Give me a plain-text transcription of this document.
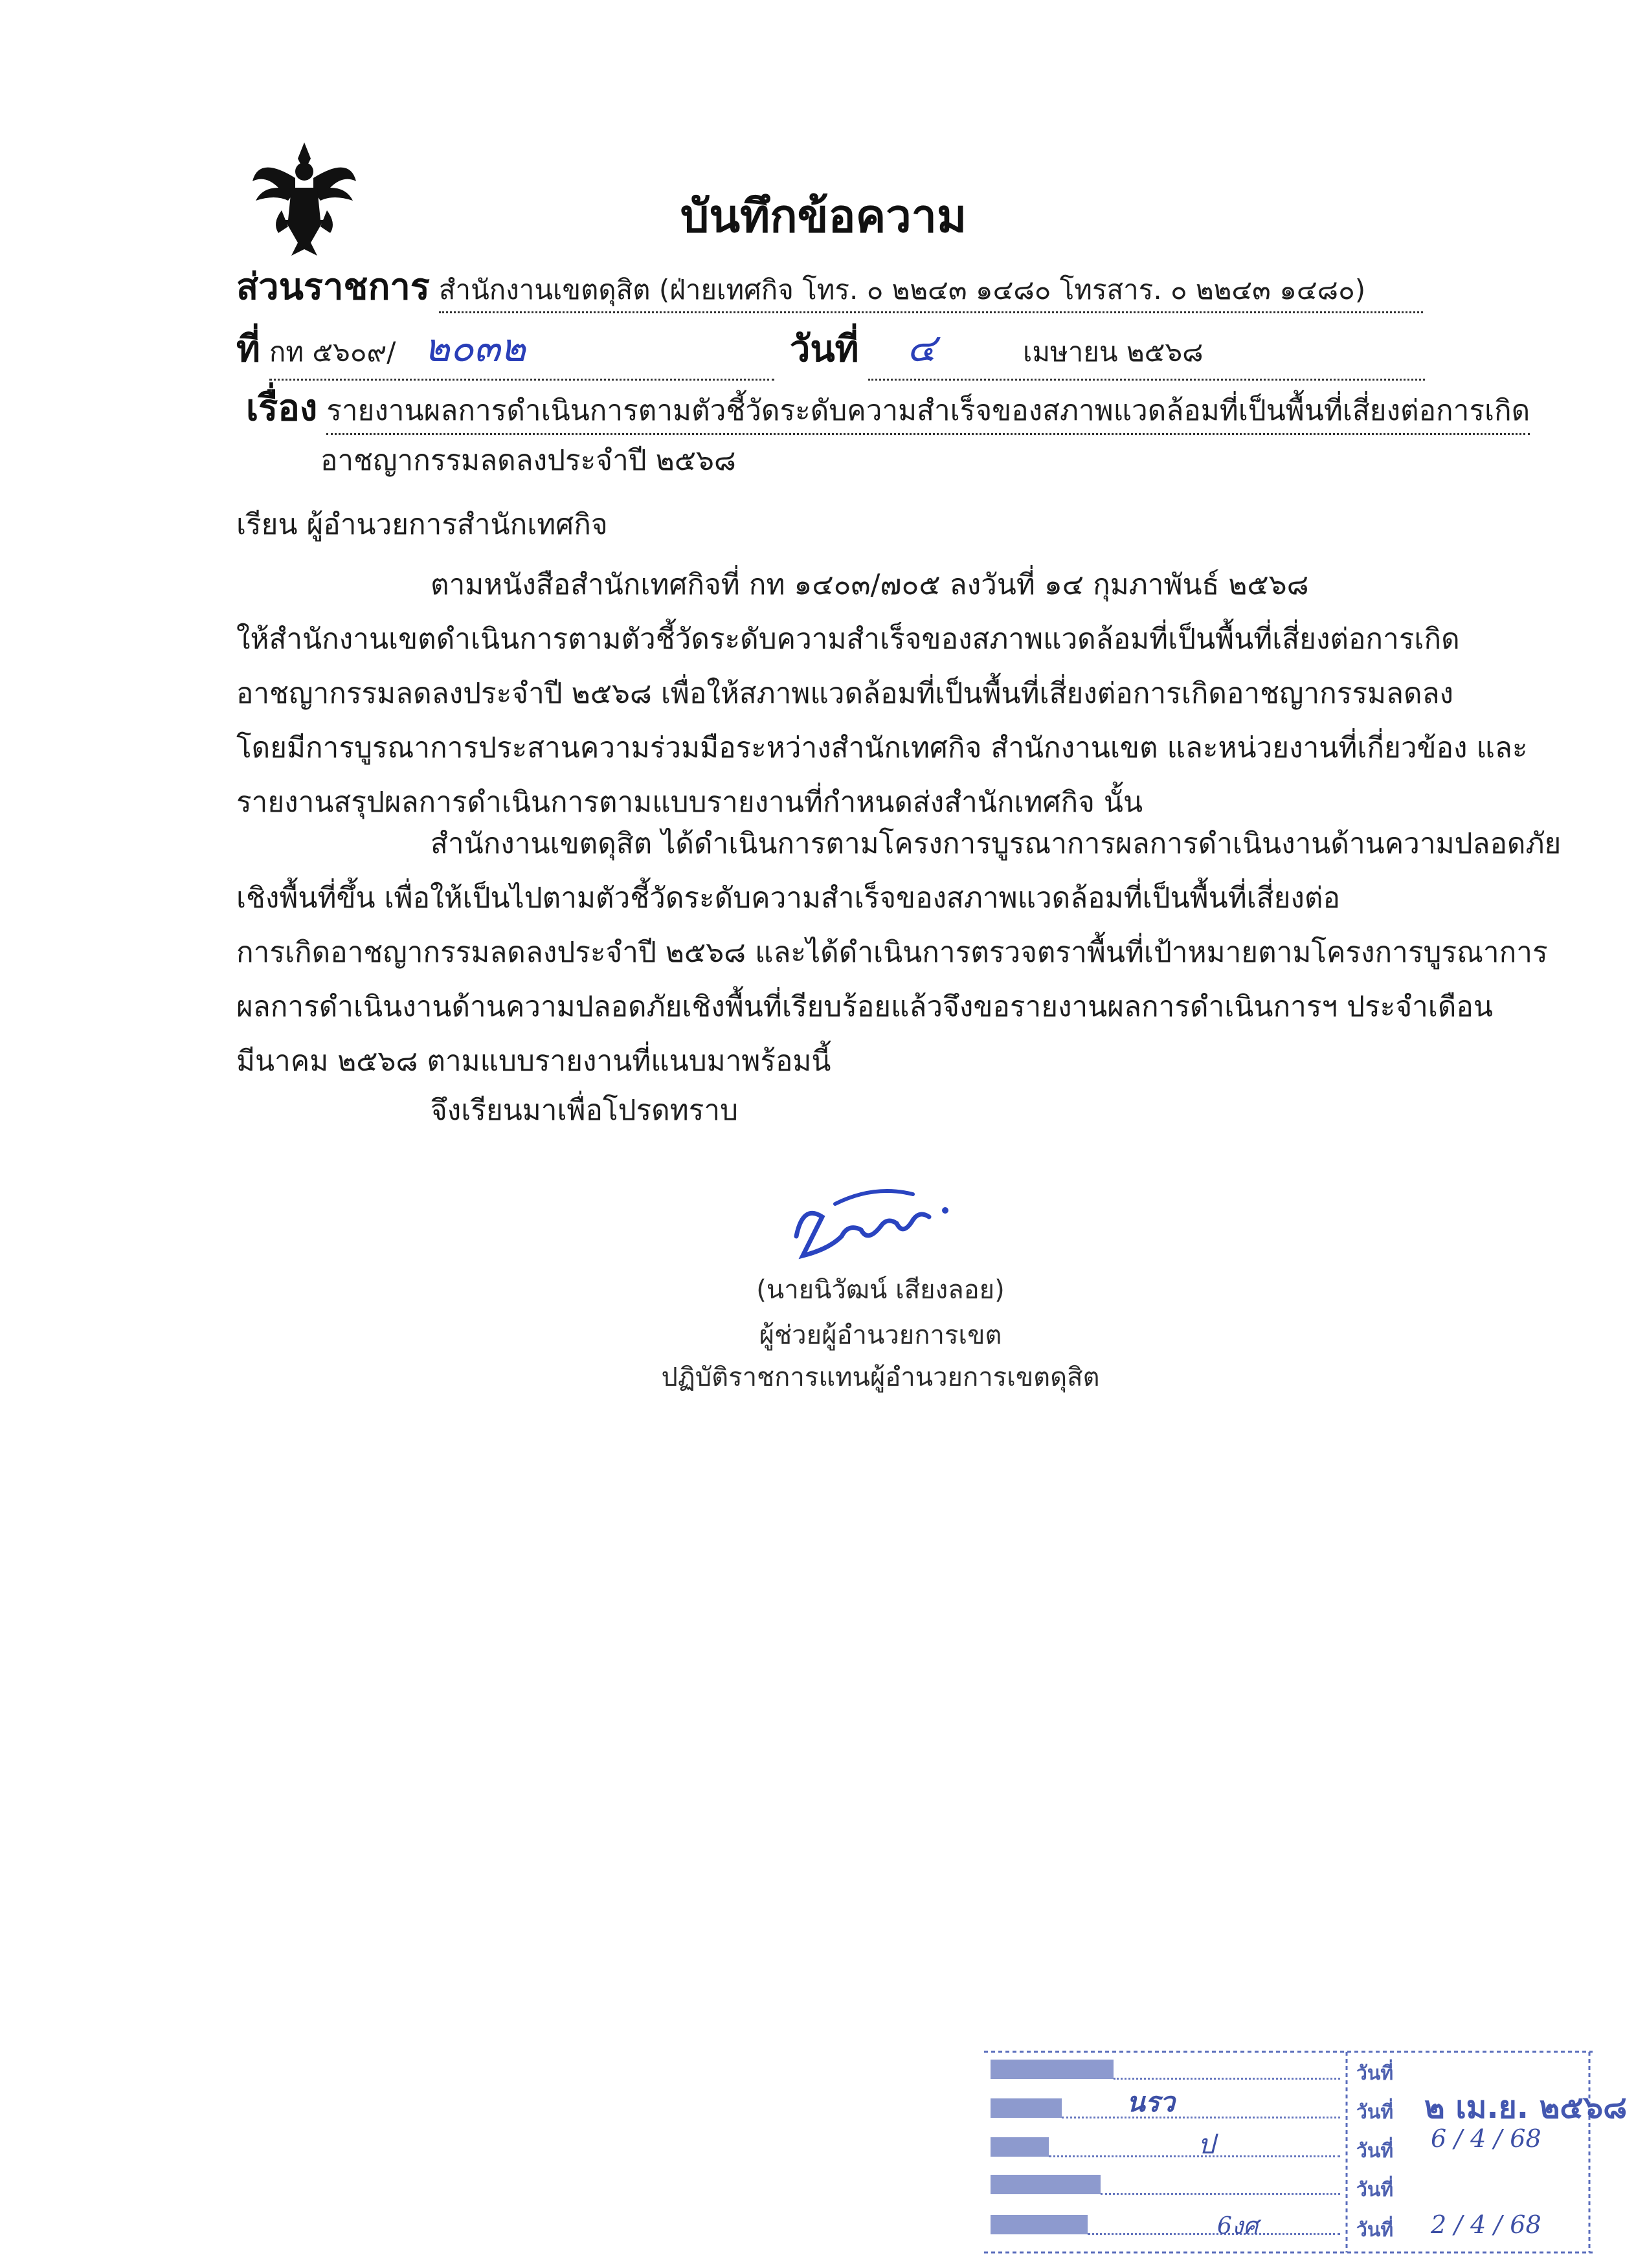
บันทึกข้อความ
ส่วนราชการ สำนักงานเขตดุสิต (ฝ่ายเทศกิจ โทร. ๐ ๒๒๔๓ ๑๔๘๐ โทรสาร. ๐ ๒๒๔๓ ๑๔๘๐)
ที่ กท ๕๖๐๙/ ๒๐๓๒	วันที่ ๔	เมษายน ๒๕๖๘
เรื่อง รายงานผลการดำเนินการตามตัวชี้วัดระดับความสำเร็จของสภาพแวดล้อมที่เป็นพื้นที่เสี่ยงต่อการเกิด
อาชญากรรมลดลงประจำปี ๒๕๖๘
เรียน ผู้อำนวยการสำนักเทศกิจ
ตามหนังสือสำนักเทศกิจที่ กท ๑๔๐๓/๗๐๕ ลงวันที่ ๑๔ กุมภาพันธ์ ๒๕๖๘
ให้สำนักงานเขตดำเนินการตามตัวชี้วัดระดับความสำเร็จของสภาพแวดล้อมที่เป็นพื้นที่เสี่ยงต่อการเกิด
อาชญากรรมลดลงประจำปี ๒๕๖๘ เพื่อให้สภาพแวดล้อมที่เป็นพื้นที่เสี่ยงต่อการเกิดอาชญากรรมลดลง
โดยมีการบูรณาการประสานความร่วมมือระหว่างสำนักเทศกิจ สำนักงานเขต และหน่วยงานที่เกี่ยวข้อง และ
รายงานสรุปผลการดำเนินการตามแบบรายงานที่กำหนดส่งสำนักเทศกิจ นั้น
สำนักงานเขตดุสิต ได้ดำเนินการตามโครงการบูรณาการผลการดำเนินงานด้านความปลอดภัย
เชิงพื้นที่ขึ้น เพื่อให้เป็นไปตามตัวชี้วัดระดับความสำเร็จของสภาพแวดล้อมที่เป็นพื้นที่เสี่ยงต่อ
การเกิดอาชญากรรมลดลงประจำปี ๒๕๖๘ และได้ดำเนินการตรวจตราพื้นที่เป้าหมายตามโครงการบูรณาการ
ผลการดำเนินงานด้านความปลอดภัยเชิงพื้นที่เรียบร้อยแล้วจึงขอรายงานผลการดำเนินการฯ ประจำเดือน
มีนาคม ๒๕๖๘ ตามแบบรายงานที่แนบมาพร้อมนี้
จึงเรียนมาเพื่อโปรดทราบ
(นายนิวัฒน์ เสียงลอย)
ผู้ช่วยผู้อำนวยการเขต
ปฏิบัติราชการแทนผู้อำนวยการเขตดุสิต
นรว
ป
6งศ
วันที่
วันที่
วันที่
วันที่
วันที่
๒ เม.ย. ๒๕๖๘
6 / 4 / 68
2 / 4 / 68
